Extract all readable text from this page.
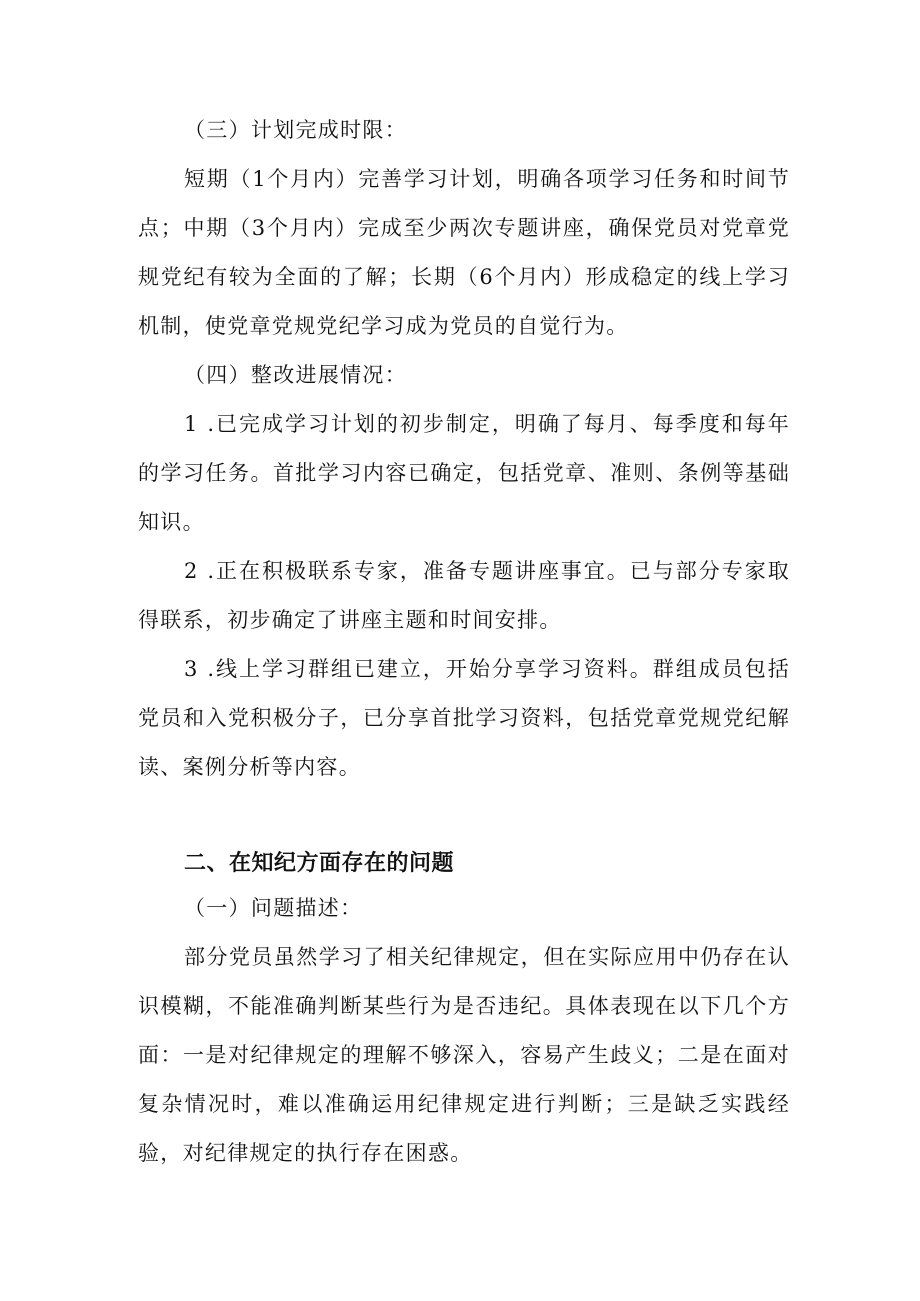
（三）计划完成时限：

短期（1个月内）完善学习计划，明确各项学习任务和时间节点；中期（3个月内）完成至少两次专题讲座，确保党员对党章党规党纪有较为全面的了解；长期（6个月内）形成稳定的线上学习机制，使党章党规党纪学习成为党员的自觉行为。

（四）整改进展情况：

1 .已完成学习计划的初步制定，明确了每月、每季度和每年的学习任务。首批学习内容已确定，包括党章、准则、条例等基础知识。

2 .正在积极联系专家，准备专题讲座事宜。已与部分专家取得联系，初步确定了讲座主题和时间安排。

3 .线上学习群组已建立，开始分享学习资料。群组成员包括党员和入党积极分子，已分享首批学习资料，包括党章党规党纪解读、案例分析等内容。

二、在知纪方面存在的问题

（一）问题描述：

部分党员虽然学习了相关纪律规定，但在实际应用中仍存在认识模糊，不能准确判断某些行为是否违纪。具体表现在以下几个方面：一是对纪律规定的理解不够深入，容易产生歧义；二是在面对复杂情况时，难以准确运用纪律规定进行判断；三是缺乏实践经验，对纪律规定的执行存在困惑。
